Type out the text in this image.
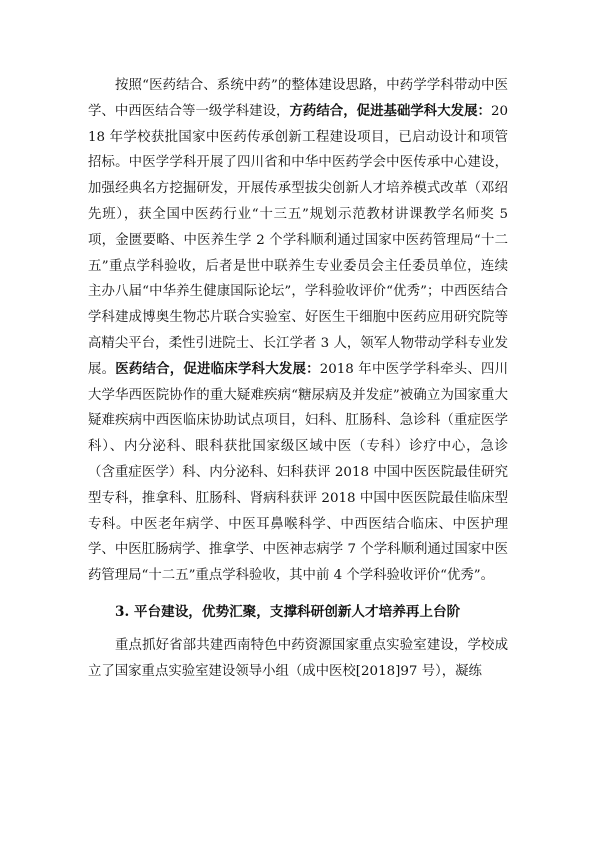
按照“医药结合、系统中药”的整体建设思路，中药学学科带动中医学、中西医结合等一级学科建设，方药结合，促进基础学科大发展：2018 年学校获批国家中医药传承创新工程建设项目，已启动设计和项管招标。中医学学科开展了四川省和中华中医药学会中医传承中心建设，加强经典名方挖掘研发，开展传承型拔尖创新人才培养模式改革（邓绍先班），获全国中医药行业“十三五”规划示范教材讲课教学名师奖 5 项，金匮要略、中医养生学 2 个学科顺利通过国家中医药管理局“十二五”重点学科验收，后者是世中联养生专业委员会主任委员单位，连续主办八届“中华养生健康国际论坛”，学科验收评价“优秀”；中西医结合学科建成博奥生物芯片联合实验室、好医生干细胞中医药应用研究院等高精尖平台，柔性引进院士、长江学者 3 人，领军人物带动学科专业发展。医药结合，促进临床学科大发展：2018 年中医学学科牵头、四川大学华西医院协作的重大疑难疾病“糖尿病及并发症”被确立为国家重大疑难疾病中西医临床协助试点项目，妇科、肛肠科、急诊科（重症医学科）、内分泌科、眼科获批国家级区域中医（专科）诊疗中心，急诊（含重症医学）科、内分泌科、妇科获评 2018 中国中医医院最佳研究型专科，推拿科、肛肠科、肾病科获评 2018 中国中医医院最佳临床型专科。中医老年病学、中医耳鼻喉科学、中西医结合临床、中医护理学、中医肛肠病学、推拿学、中医神志病学 7 个学科顺利通过国家中医药管理局“十二五”重点学科验收，其中前 4 个学科验收评价“优秀”。

3. 平台建设，优势汇聚，支撑科研创新人才培养再上台阶

重点抓好省部共建西南特色中药资源国家重点实验室建设，学校成立了国家重点实验室建设领导小组（成中医校[2018]97 号），凝练
